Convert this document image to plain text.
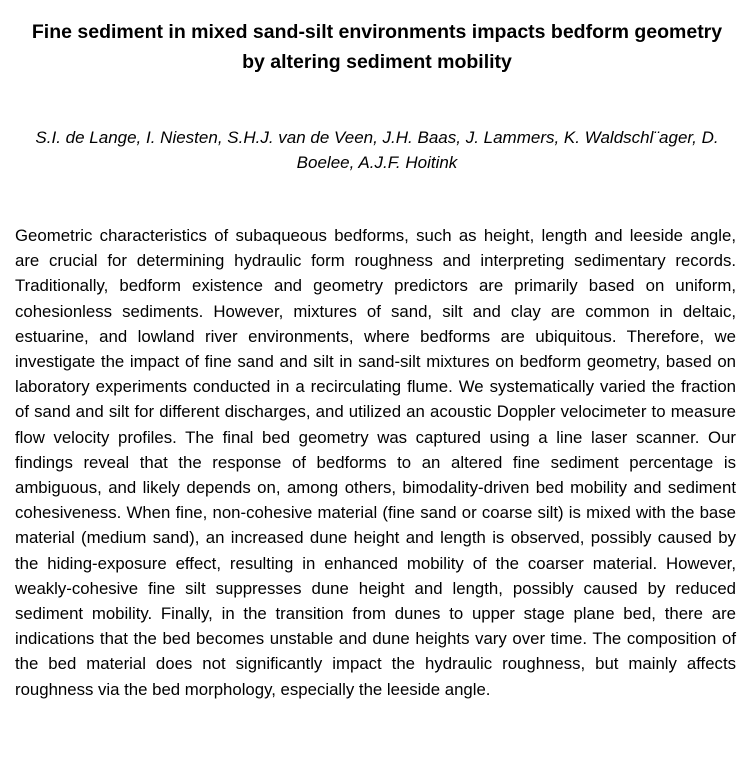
Fine sediment in mixed sand-silt environments impacts bedform geometry by altering sediment mobility

S.I. de Lange, I. Niesten, S.H.J. van de Veen, J.H. Baas, J. Lammers, K. Waldschl¨ager, D. Boelee, A.J.F. Hoitink

Geometric characteristics of subaqueous bedforms, such as height, length and leeside angle, are crucial for determining hydraulic form roughness and interpreting sedimentary records. Traditionally, bedform existence and geometry predictors are primarily based on uniform, cohesionless sediments. However, mixtures of sand, silt and clay are common in deltaic, estuarine, and lowland river environments, where bedforms are ubiquitous. Therefore, we investigate the impact of fine sand and silt in sand-silt mixtures on bedform geometry, based on laboratory experiments conducted in a recirculating flume. We systematically varied the fraction of sand and silt for different discharges, and utilized an acoustic Doppler velocimeter to measure flow velocity profiles. The final bed geometry was captured using a line laser scanner. Our findings reveal that the response of bedforms to an altered fine sediment percentage is ambiguous, and likely depends on, among others, bimodality-driven bed mobility and sediment cohesiveness. When fine, non-cohesive material (fine sand or coarse silt) is mixed with the base material (medium sand), an increased dune height and length is observed, possibly caused by the hiding-exposure effect, resulting in enhanced mobility of the coarser material. However, weakly-cohesive fine silt suppresses dune height and length, possibly caused by reduced sediment mobility. Finally, in the transition from dunes to upper stage plane bed, there are indications that the bed becomes unstable and dune heights vary over time. The composition of the bed material does not significantly impact the hydraulic roughness, but mainly affects roughness via the bed morphology, especially the leeside angle.
